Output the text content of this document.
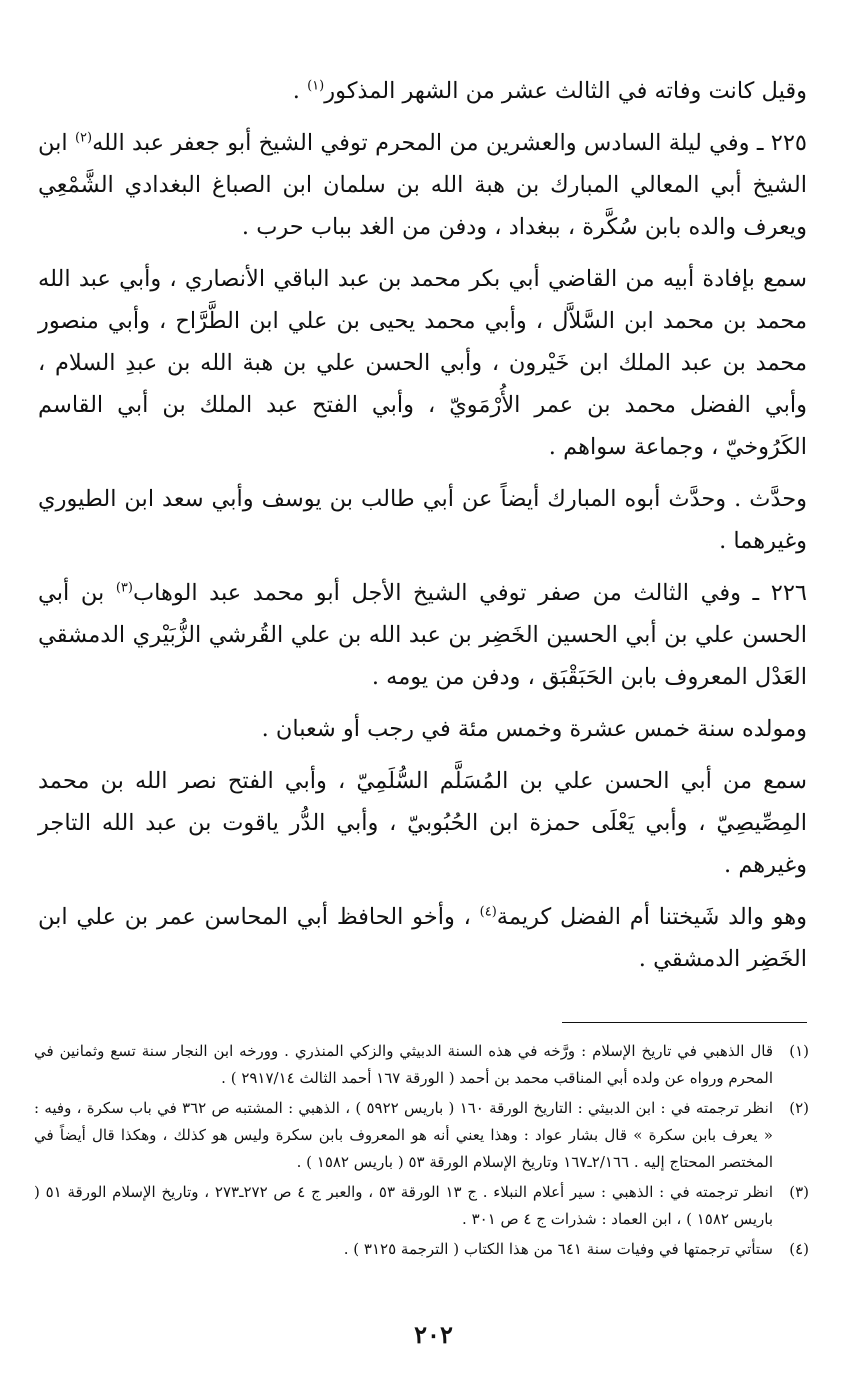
وقيل كانت وفاته في الثالث عشر من الشهر المذكور$^{(١)}$ .

٢٢٥ ـ وفي ليلة السادس والعشرين من المحرم توفي الشيخ أبو جعفر عبد الله$^{(٢)}$ ابن الشيخ أبي المعالي المبارك بن هبة الله بن سلمان ابن الصباغ البغدادي الشَّمْعِي ويعرف والده بابن سُكَّرة ، ببغداد ، ودفن من الغد بباب حرب .

سمع بإفادة أبيه من القاضي أبي بكر محمد بن عبد الباقي الأنصاري ، وأبي عبد الله محمد بن محمد ابن السَّلاَّل ، وأبي محمد يحيى بن علي ابن الطَّرَّاح ، وأبي منصور محمد بن عبد الملك ابن خَيْرون ، وأبي الحسن علي بن هبة الله بن عبدِ السلام ، وأبي الفضل محمد بن عمر الأُرْمَويّ ، وأبي الفتح عبد الملك بن أبي القاسم الكَرُوخيّ ، وجماعة سواهم .

وحدَّث . وحدَّث أبوه المبارك أيضاً عن أبي طالب بن يوسف وأبي سعد ابن الطيوري وغيرهما .

٢٢٦ ـ وفي الثالث من صفر توفي الشيخ الأجل أبو محمد عبد الوهاب$^{(٣)}$ بن أبي الحسن علي بن أبي الحسين الخَضِر بن عبد الله بن علي القُرشي الزُّبَيْري الدمشقي العَدْل المعروف بابن الحَبَقْبَق ، ودفن من يومه .

ومولده سنة خمس عشرة وخمس مئة في رجب أو شعبان .

سمع من أبي الحسن علي بن المُسَلَّم السُّلَمِيّ ، وأبي الفتح نصر الله بن محمد المِصِّيصِيّ ، وأبي يَعْلَى حمزة ابن الحُبُوبيّ ، وأبي الدُّر ياقوت بن عبد الله التاجر وغيرهم .

وهو والد شَيختنا أم الفضل كريمة$^{(٤)}$ ، وأخو الحافظ أبي المحاسن عمر بن علي ابن الخَضِر الدمشقي .

(١)
قال الذهبي في تاريخ الإسلام : ورَّخه في هذه السنة الدبيثي والزكي المنذري . وورخه ابن النجار سنة تسع وثمانين في المحرم ورواه عن ولده أبي المناقب محمد بن أحمد ( الورقة ١٦٧ أحمد الثالث ٢٩١٧/١٤ ) .
(٢)
انظر ترجمته في : ابن الدبيثي : التاريخ الورقة ١٦٠ ( باريس ٥٩٢٢ ) ، الذهبي : المشتبه ص ٣٦٢ في باب سكرة ، وفيه : « يعرف بابن سكرة » قال بشار عواد : وهذا يعني أنه هو المعروف بابن سكرة وليس هو كذلك ، وهكذا قال أيضاً في المختصر المحتاج إليه . ٢/١٦٦ـ١٦٧ وتاريخ الإسلام الورقة ٥٣ ( باريس ١٥٨٢ ) .
(٣)
انظر ترجمته في : الذهبي : سير أعلام النبلاء . ج ١٣ الورقة ٥٣ ، والعبر ج ٤ ص ٢٧٢ـ٢٧٣ ، وتاريخ الإسلام الورقة ٥١ ( باريس ١٥٨٢ ) ، ابن العماد : شذرات ج ٤ ص ٣٠١ .
(٤)
ستأتي ترجمتها في وفيات سنة ٦٤١ من هذا الكتاب ( الترجمة ٣١٢٥ ) .
٢٠٢
